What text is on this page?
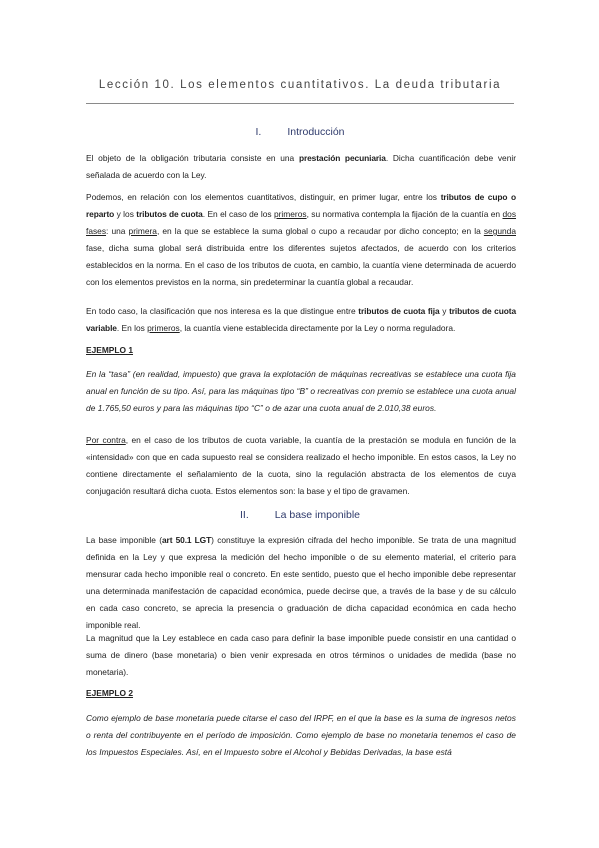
Lección 10. Los elementos cuantitativos. La deuda tributaria
I. Introducción

El objeto de la obligación tributaria consiste en una prestación pecuniaria. Dicha cuantificación debe venir señalada de acuerdo con la Ley.

Podemos, en relación con los elementos cuantitativos, distinguir, en primer lugar, entre los tributos de cupo o reparto y los tributos de cuota. En el caso de los primeros, su normativa contempla la fijación de la cuantía en dos fases: una primera, en la que se establece la suma global o cupo a recaudar por dicho concepto; en la segunda fase, dicha suma global será distribuida entre los diferentes sujetos afectados, de acuerdo con los criterios establecidos en la norma. En el caso de los tributos de cuota, en cambio, la cuantía viene determinada de acuerdo con los elementos previstos en la norma, sin predeterminar la cuantía global a recaudar.

En todo caso, la clasificación que nos interesa es la que distingue entre tributos de cuota fija y tributos de cuota variable. En los primeros, la cuantía viene establecida directamente por la Ley o norma reguladora.

EJEMPLO 1

En la “tasa” (en realidad, impuesto) que grava la explotación de máquinas recreativas se establece una cuota fija anual en función de su tipo. Así, para las máquinas tipo “B” o recreativas con premio se establece una cuota anual de 1.765,50 euros y para las máquinas tipo “C” o de azar una cuota anual de 2.010,38 euros.

Por contra, en el caso de los tributos de cuota variable, la cuantía de la prestación se modula en función de la «intensidad» con que en cada supuesto real se considera realizado el hecho imponible. En estos casos, la Ley no contiene directamente el señalamiento de la cuota, sino la regulación abstracta de los elementos de cuya conjugación resultará dicha cuota. Estos elementos son: la base y el tipo de gravamen.

II. La base imponible

La base imponible (art 50.1 LGT) constituye la expresión cifrada del hecho imponible. Se trata de una magnitud definida en la Ley y que expresa la medición del hecho imponible o de su elemento material, el criterio para mensurar cada hecho imponible real o concreto. En este sentido, puesto que el hecho imponible debe representar una determinada manifestación de capacidad económica, puede decirse que, a través de la base y de su cálculo en cada caso concreto, se aprecia la presencia o graduación de dicha capacidad económica en cada hecho imponible real.

La magnitud que la Ley establece en cada caso para definir la base imponible puede consistir en una cantidad o suma de dinero (base monetaria) o bien venir expresada en otros términos o unidades de medida (base no monetaria).

EJEMPLO 2

Como ejemplo de base monetaria puede citarse el caso del IRPF, en el que la base es la suma de ingresos netos o renta del contribuyente en el período de imposición. Como ejemplo de base no monetaria tenemos el caso de los Impuestos Especiales. Así, en el Impuesto sobre el Alcohol y Bebidas Derivadas, la base está
